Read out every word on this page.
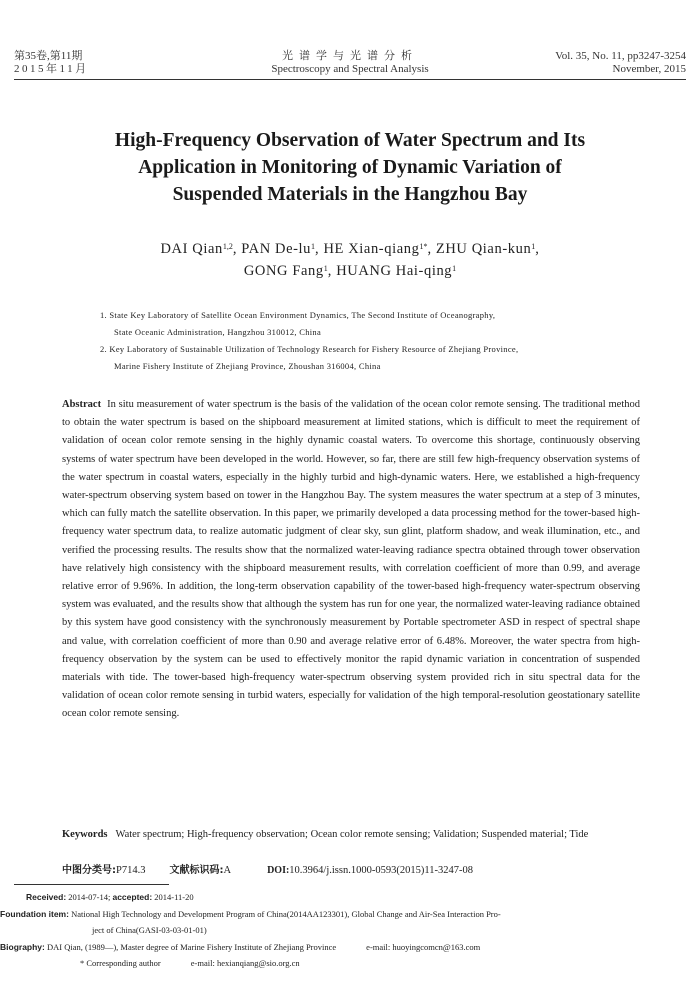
第35卷,第11期
2015年11月
光谱学与光谱分析
Spectroscopy and Spectral Analysis
Vol. 35, No. 11, pp3247-3254
November, 2015
High-Frequency Observation of Water Spectrum and Its
Application in Monitoring of Dynamic Variation of
Suspended Materials in the Hangzhou Bay
DAI Qian$^{1,2}$, PAN $De-lu^1$, HE Xian-qiang$^{1*}$, ZHU Qian-kun$^1$,
GONG Fang$^1$, HUANG Hai-qing$^1$
1. State Key Laboratory of Satellite Ocean Environment Dynamics, The Second Institute of Oceanography,
State Oceanic Administration, Hangzhou 310012, China
2. Key Laboratory of Sustainable Utilization of Technology Research for Fishery Resource of Zhejiang Province,
Marine Fishery Institute of Zhejiang Province, Zhoushan 316004, China
Abstract In situ measurement of water spectrum is the basis of the validation of the ocean color remote sensing. The traditional method to obtain the water spectrum is based on the shipboard measurement at limited stations, which is difficult to meet the requirement of validation of ocean color remote sensing in the highly dynamic coastal waters. To overcome this shortage, continuously observing systems of water spectrum have been developed in the world. However, so far, there are still few high-frequency observation systems of the water spectrum in coastal waters, especially in the highly turbid and high-dynamic waters. Here, we established a high-frequency water-spectrum observing system based on tower in the Hangzhou Bay. The system measures the water spectrum at a step of 3 minutes, which can fully match the satellite observation. In this paper, we primarily developed a data processing method for the tower-based high-frequency water spectrum data, to realize automatic judgment of clear sky, sun glint, platform shadow, and weak illumination, etc., and verified the processing results. The results show that the normalized water-leaving radiance spectra obtained through tower observation have relatively high consistency with the shipboard measurement results, with correlation coefficient of more than 0.99, and average relative error of 9.96%. In addition, the long-term observation capability of the tower-based high-frequency water-spectrum observing system was evaluated, and the results show that although the system has run for one year, the normalized water-leaving radiance obtained by this system have good consistency with the synchronously measurement by Portable spectrometer ASD in respect of spectral shape and value, with correlation coefficient of more than 0.90 and average relative error of 6.48%. Moreover, the water spectra from high-frequency observation by the system can be used to effectively monitor the rapid dynamic variation in concentration of suspended materials with tide. The tower-based high-frequency water-spectrum observing system provided rich in situ spectral data for the validation of ocean color remote sensing in turbid waters, especially for validation of the high temporal-resolution geostationary satellite ocean color remote sensing.
Keywords Water spectrum; High-frequency observation; Ocean color remote sensing; Validation; Suspended material; Tide
中图分类号:P714.3 文献标识码:A	DOI:10.3964/j.issn.1000-0593(2015)11-3247-08
Received: 2014-07-14; accepted: 2014-11-20
Foundation item: National High Technology and Development Program of China(2014AA123301), Global Change and Air-Sea Interaction Pro-
ject of China(GASI-03-03-01-01)
Biography: DAI Qian, (1989—), Master degree of Marine Fishery Institute of Zhejiang Province	e-mail: huoyingcomcn@163.com
* Corresponding author	e-mail: hexianqiang@sio.org.cn
